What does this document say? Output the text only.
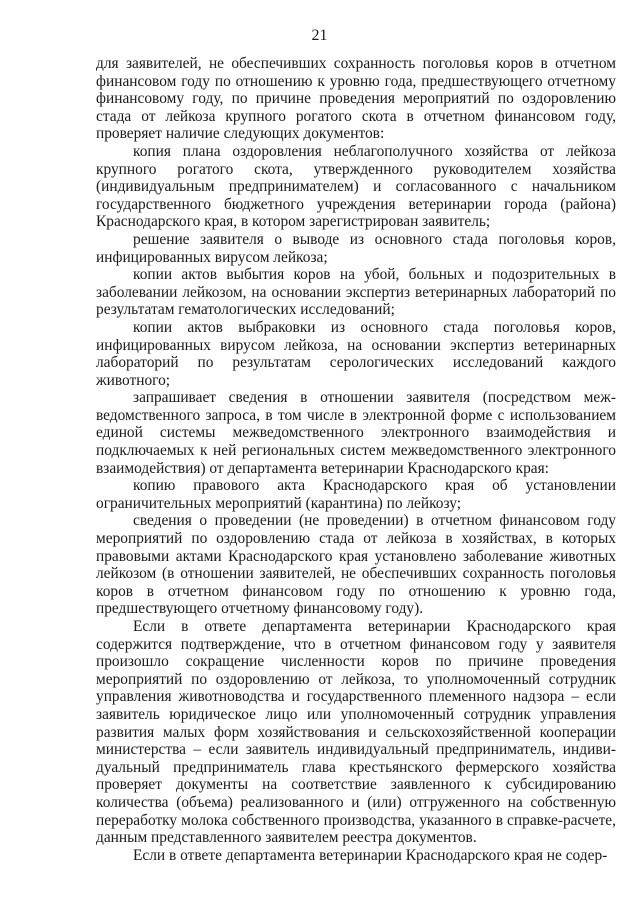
21

для заявителей, не обеспечивших сохранность поголовья коров в отчетном финансовом году по отношению к уровню года, предшествующего отчетному финансовому году, по причине проведения мероприятий по оздоровлению стада от лейкоза крупного рогатого скота в отчетном финансовом году, проверяет наличие следующих документов:

копия плана оздоровления неблагополучного хозяйства от лейкоза крупного рогатого скота, утвержденного руководителем хозяйства (индивидуальным предпринимателем) и согласованного с начальником государственного бюджетного учреждения ветеринарии города (района) Краснодарского края, в котором зарегистрирован заявитель;

решение заявителя о выводе из основного стада поголовья коров, инфицированных вирусом лейкоза;

копии актов выбытия коров на убой, больных и подозрительных в заболевании лейкозом, на основании экспертиз ветеринарных лабораторий по результатам гематологических исследований;

копии актов выбраковки из основного стада поголовья коров, инфицированных вирусом лейкоза, на основании экспертиз ветеринарных лабораторий по результатам серологических исследований каждого животного;

запрашивает сведения в отношении заявителя (посредством межведомственного запроса, в том числе в электронной форме с использованием единой системы межведомственного электронного взаимодействия и подключаемых к ней региональных систем межведомственного электронного взаимодействия) от департамента ветеринарии Краснодарского края:

копию правового акта Краснодарского края об установлении ограничительных мероприятий (карантина) по лейкозу;

сведения о проведении (не проведении) в отчетном финансовом году мероприятий по оздоровлению стада от лейкоза в хозяйствах, в которых правовыми актами Краснодарского края установлено заболевание животных лейкозом (в отношении заявителей, не обеспечивших сохранность поголовья коров в отчетном финансовом году по отношению к уровню года, предшествующего отчетному финансовому году).

Если в ответе департамента ветеринарии Краснодарского края содержится подтверждение, что в отчетном финансовом году у заявителя произошло сокращение численности коров по причине проведения мероприятий по оздоровлению от лейкоза, то уполномоченный сотрудник управления животноводства и государственного племенного надзора – если заявитель юридическое лицо или уполномоченный сотрудник управления развития малых форм хозяйствования и сельскохозяйственной кооперации министерства – если заявитель индивидуальный предприниматель, индивидуальный предприниматель глава крестьянского фермерского хозяйства проверяет документы на соответствие заявленного к субсидированию количества (объема) реализованного и (или) отгруженного на собственную переработку молока собственного производства, указанного в справке-расчете, данным представленного заявителем реестра документов.

Если в ответе департамента ветеринарии Краснодарского края не содер-
